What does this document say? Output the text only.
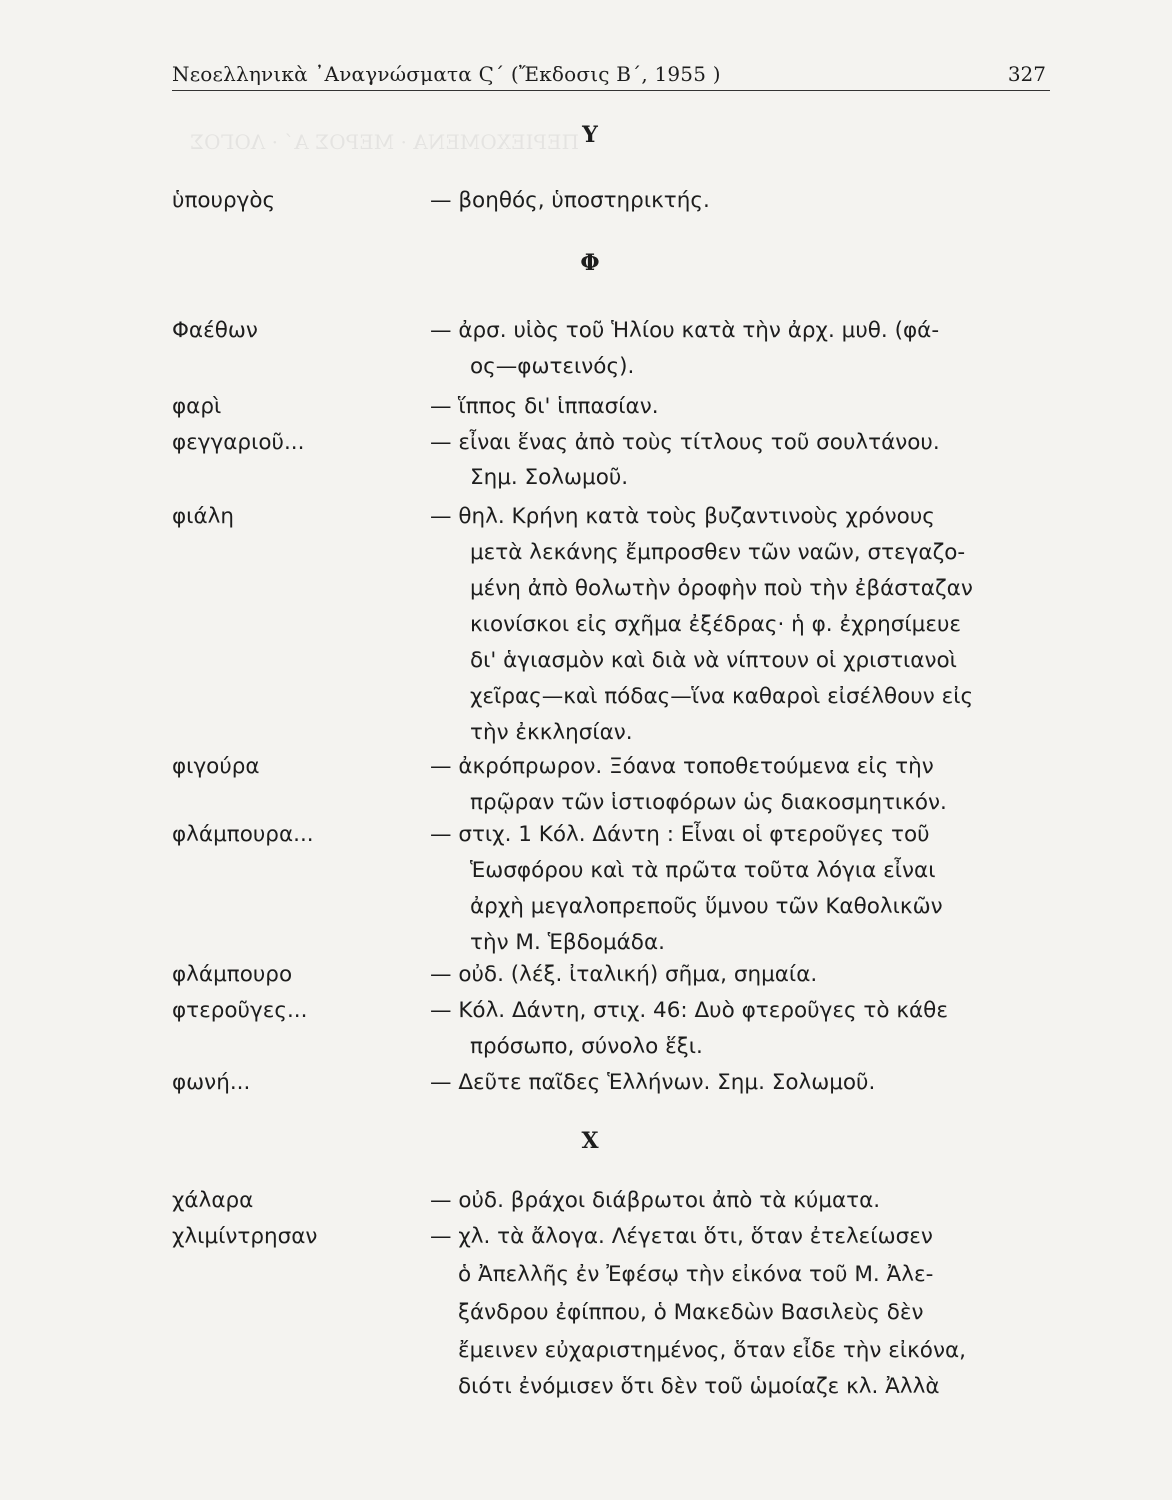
ΠΕΡΙΕΧΟΜΕΝΑ · ΜΕΡΟΣ Α΄ · ΛΟΓΟΣ
Νεοελληνικὰ ᾿Αναγνώσματα Ϛ΄ (Ἔκδοσις Β΄, 1955 )	327
Υ
ὑπουργὸς	— βοηθός, ὑποστηρικτής.
Φ
Φαέθων	— ἀρσ. υἱὸς τοῦ Ἡλίου κατὰ τὴν ἀρχ. μυθ. (φά-
ος—φωτεινός).
φαρὶ	— ἵππος δι' ἱππασίαν.
φεγγαριοῦ...	— εἶναι ἕνας ἀπὸ τοὺς τίτλους τοῦ σουλτάνου.
Σημ. Σολωμοῦ.
φιάλη	— θηλ. Κρήνη κατὰ τοὺς βυζαντινοὺς χρόνους
μετὰ λεκάνης ἔμπροσθεν τῶν ναῶν, στεγαζο-
μένη ἀπὸ θολωτὴν ὀροφὴν ποὺ τὴν ἐβάσταζαν
κιονίσκοι εἰς σχῆμα ἐξέδρας· ἡ φ. ἐχρησίμευε
δι' ἁγιασμὸν καὶ διὰ νὰ νίπτουν οἱ χριστιανοὶ
χεῖρας—καὶ πόδας—ἵνα καθαροὶ εἰσέλθουν εἰς
τὴν ἐκκλησίαν.
φιγούρα	— ἀκρόπρωρον. Ξόανα τοποθετούμενα εἰς τὴν
πρῷραν τῶν ἱστιοφόρων ὡς διακοσμητικόν.
φλάμπουρα...	— στιχ. 1 Κόλ. Δάντη : Εἶναι οἱ φτεροῦγες τοῦ
Ἑωσφόρου καὶ τὰ πρῶτα τοῦτα λόγια εἶναι
ἀρχὴ μεγαλοπρεποῦς ὕμνου τῶν Καθολικῶν
τὴν Μ. Ἑβδομάδα.
φλάμπουρο	— οὐδ. (λέξ. ἰταλική) σῆμα, σημαία.
φτεροῦγες...	— Κόλ. Δάντη, στιχ. 46: Δυὸ φτεροῦγες τὸ κάθε
πρόσωπο, σύνολο ἕξι.
φωνή...	— Δεῦτε παῖδες Ἑλλήνων. Σημ. Σολωμοῦ.
Χ
χάλαρα	— οὐδ. βράχοι διάβρωτοι ἀπὸ τὰ κύματα.
χλιμίντρησαν	— χλ. τὰ ἄλογα. Λέγεται ὅτι, ὅταν ἐτελείωσεν
ὁ Ἀπελλῆς ἐν Ἐφέσῳ τὴν εἰκόνα τοῦ Μ. Ἀλε-
ξάνδρου ἐφίππου, ὁ Μακεδὼν Βασιλεὺς δὲν
ἔμεινεν εὐχαριστημένος, ὅταν εἶδε τὴν εἰκόνα,
διότι ἐνόμισεν ὅτι δὲν τοῦ ὡμοίαζε κλ. Ἀλλὰ
